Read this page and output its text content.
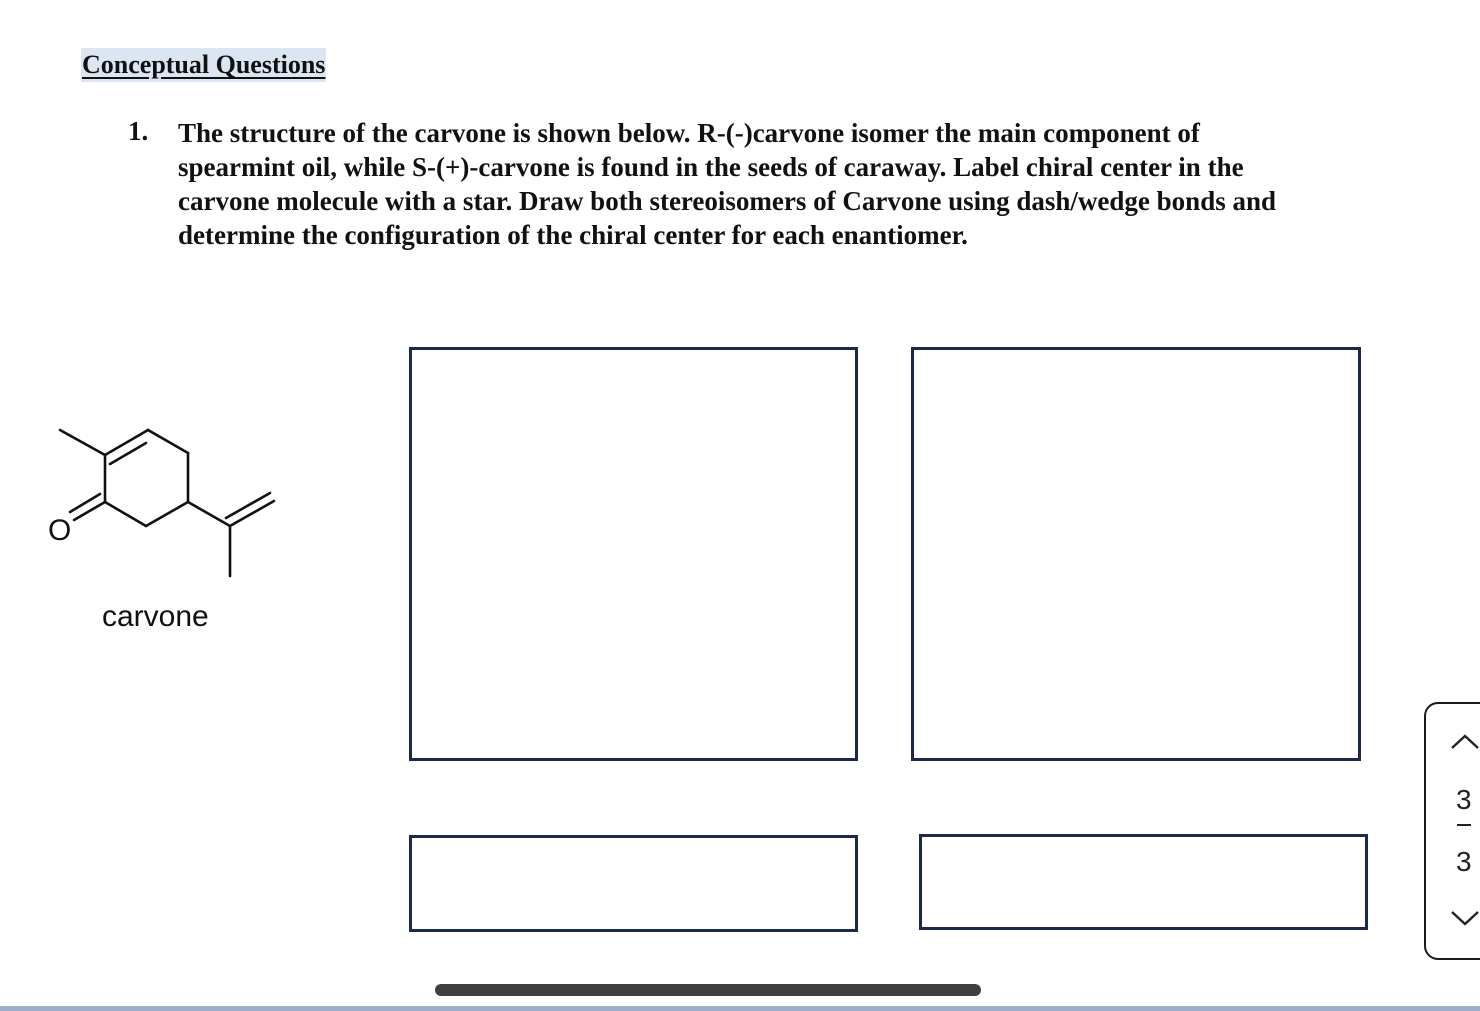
Conceptual Questions
1. The structure of the carvone is shown below. R-(-)carvone isomer the main component of spearmint oil, while S-(+)-carvone is found in the seeds of caraway. Label chiral center in the carvone molecule with a star. Draw both stereoisomers of Carvone using dash/wedge bonds and determine the configuration of the chiral center for each enantiomer.
O
carvone
3
3
